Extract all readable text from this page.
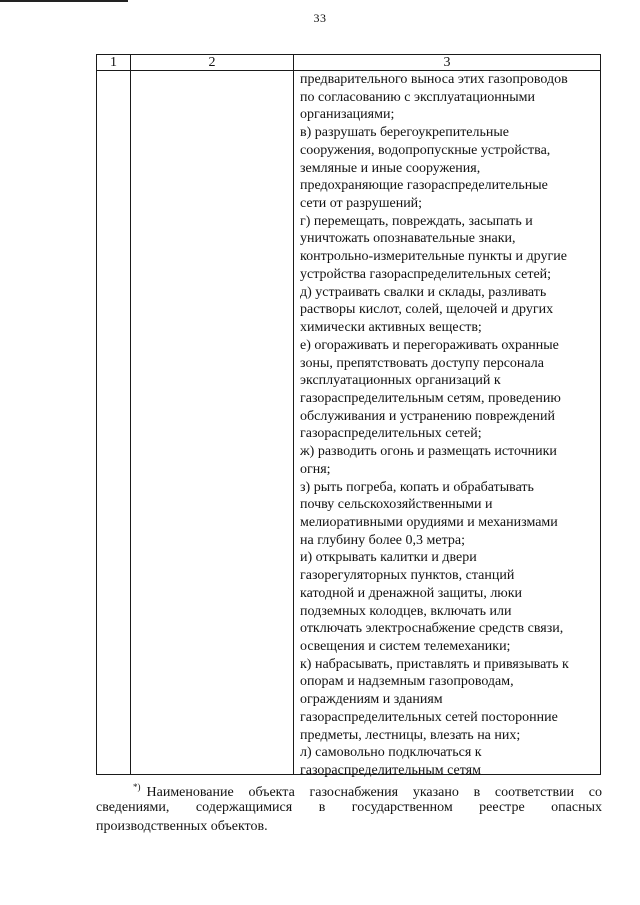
33
1	2	3
предварительного выноса этих газопроводов
по согласованию с эксплуатационными
организациями;
в) разрушать берегоукрепительные
сооружения, водопропускные устройства,
земляные и иные сооружения,
предохраняющие газораспределительные
сети от разрушений;
г) перемещать, повреждать, засыпать и
уничтожать опознавательные знаки,
контрольно-измерительные пункты и другие
устройства газораспределительных сетей;
д) устраивать свалки и склады, разливать
растворы кислот, солей, щелочей и других
химически активных веществ;
е) огораживать и перегораживать охранные
зоны, препятствовать доступу персонала
эксплуатационных организаций к
газораспределительным сетям, проведению
обслуживания и устранению повреждений
газораспределительных сетей;
ж) разводить огонь и размещать источники
огня;
з) рыть погреба, копать и обрабатывать
почву сельскохозяйственными и
мелиоративными орудиями и механизмами
на глубину более 0,3 метра;
и) открывать калитки и двери
газорегуляторных пунктов, станций
катодной и дренажной защиты, люки
подземных колодцев, включать или
отключать электроснабжение средств связи,
освещения и систем телемеханики;
к) набрасывать, приставлять и привязывать к
опорам и надземным газопроводам,
ограждениям и зданиям
газораспределительных сетей посторонние
предметы, лестницы, влезать на них;
л) самовольно подключаться к
газораспределительным сетям
*) Наименование объекта газоснабжения указано в соответствии со
сведениями, содержащимися в государственном реестре опасных
производственных объектов.
